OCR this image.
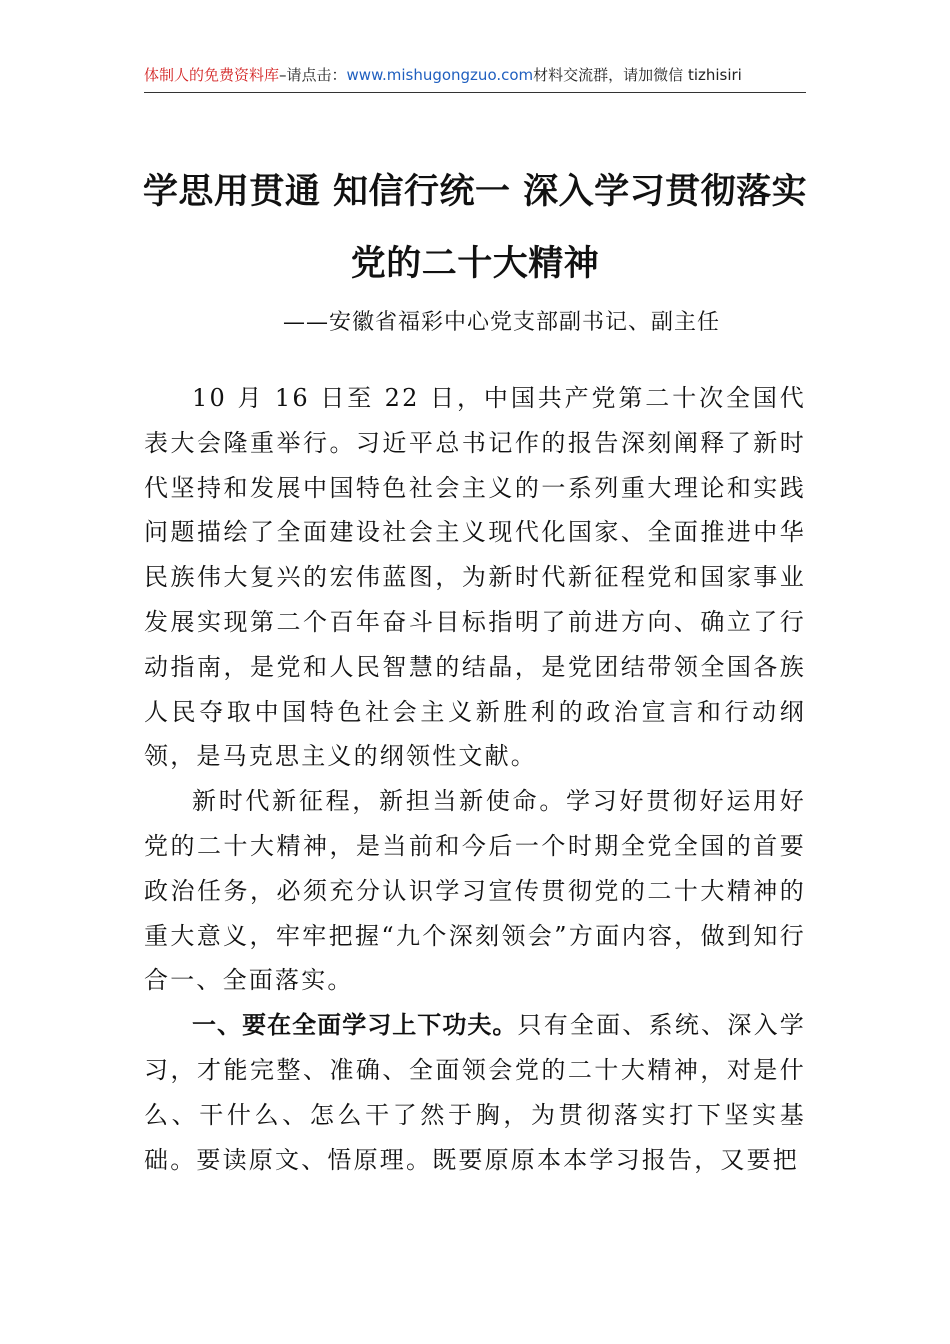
体制人的免费资料库–请点击：www.mishugongzuo.com材料交流群，请加微信 tizhisiri
学思用贯通 知信行统一 深入学习贯彻落实
党的二十大精神
——安徽省福彩中心党支部副书记、副主任

10 月 16 日至 22 日，中国共产党第二十次全国代表大会隆重举行。习近平总书记作的报告深刻阐释了新时代坚持和发展中国特色社会主义的一系列重大理论和实践问题描绘了全面建设社会主义现代化国家、全面推进中华民族伟大复兴的宏伟蓝图，为新时代新征程党和国家事业发展实现第二个百年奋斗目标指明了前进方向、确立了行动指南，是党和人民智慧的结晶，是党团结带领全国各族人民夺取中国特色社会主义新胜利的政治宣言和行动纲领，是马克思主义的纲领性文献。

新时代新征程，新担当新使命。学习好贯彻好运用好党的二十大精神，是当前和今后一个时期全党全国的首要政治任务，必须充分认识学习宣传贯彻党的二十大精神的重大意义，牢牢把握“九个深刻领会”方面内容，做到知行合一、全面落实。

一、要在全面学习上下功夫。只有全面、系统、深入学习，才能完整、准确、全面领会党的二十大精神，对是什么、干什么、怎么干了然于胸，为贯彻落实打下坚实基础。要读原文、悟原理。既要原原本本学习报告，又要把
